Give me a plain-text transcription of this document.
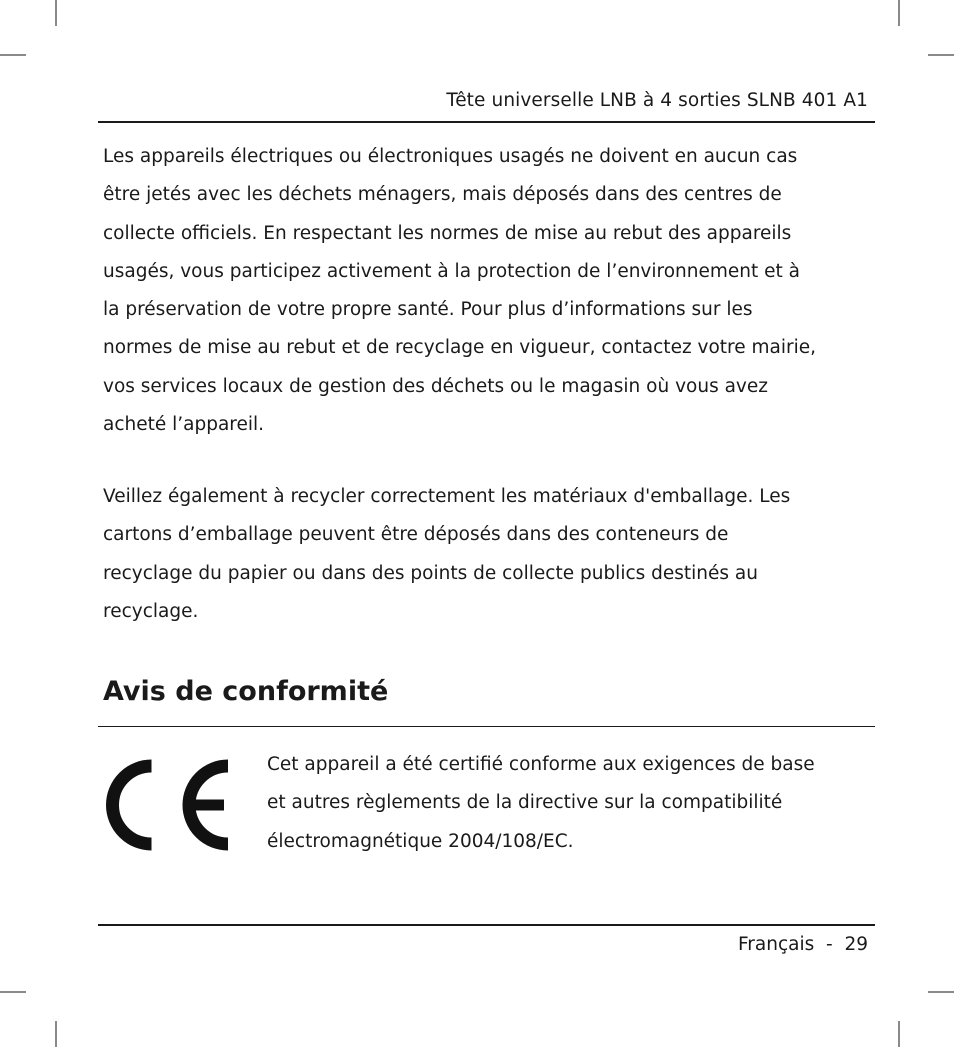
Tête universelle LNB à 4 sorties SLNB 401 A1

Les appareils électriques ou électroniques usagés ne doivent en aucun cas
être jetés avec les déchets ménagers, mais déposés dans des centres de
collecte officiels. En respectant les normes de mise au rebut des appareils
usagés, vous participez activement à la protection de l’environnement et à
la préservation de votre propre santé. Pour plus d’informations sur les
normes de mise au rebut et de recyclage en vigueur, contactez votre mairie,
vos services locaux de gestion des déchets ou le magasin où vous avez
acheté l’appareil.

Veillez également à recycler correctement les matériaux d'emballage. Les
cartons d’emballage peuvent être déposés dans des conteneurs de
recyclage du papier ou dans des points de collecte publics destinés au
recyclage.

Avis de conformité

Cet appareil a été certifié conforme aux exigences de base
et autres règlements de la directive sur la compatibilité
électromagnétique 2004/108/EC.

Français - 29
